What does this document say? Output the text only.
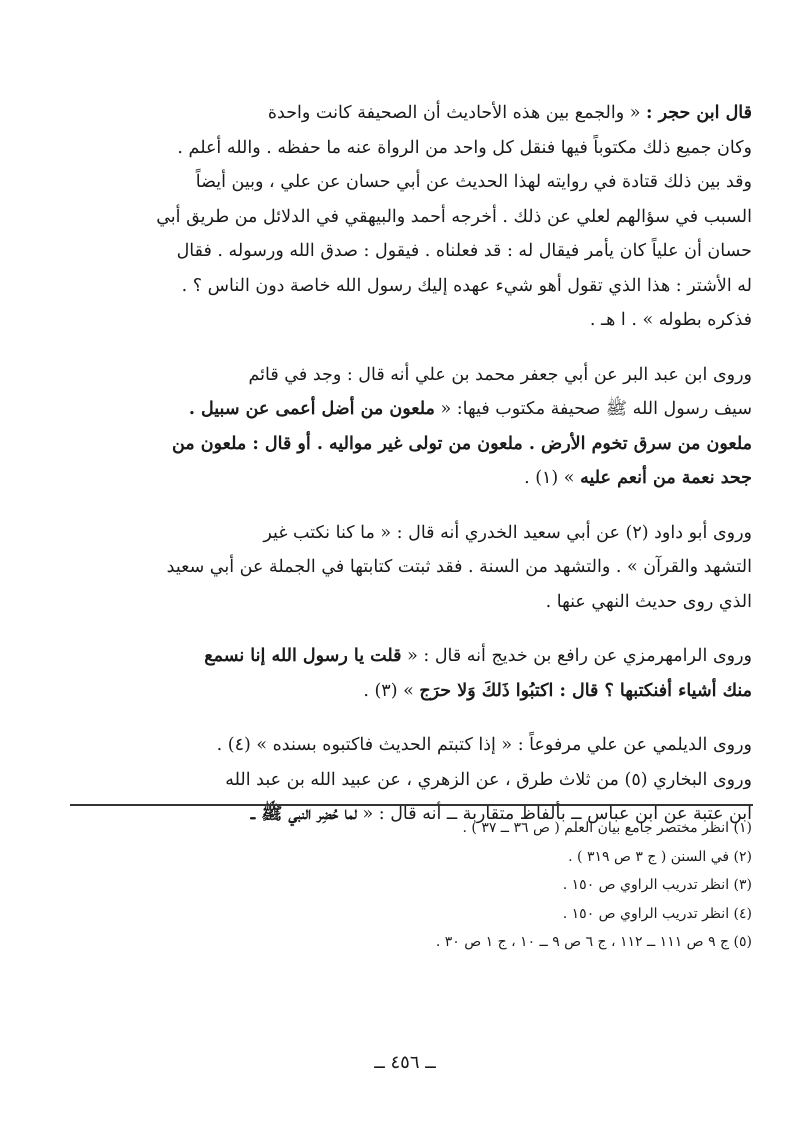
قال ابن حجر : « والجمع بين هذه الأحاديث أن الصحيفة كانت واحدة

وكان جميع ذلك مكتوباً فيها فنقل كل واحد من الرواة عنه ما حفظه . والله أعلم .

وقد بين ذلك قتادة في روايته لهذا الحديث عن أبي حسان عن علي ، وبين أيضاً

السبب في سؤالهم لعلي عن ذلك . أخرجه أحمد والبيهقي في الدلائل من طريق أبي

حسان أن علياً كان يأمر فيقال له : قد فعلناه . فيقول : صدق الله ورسوله . فقال

له الأشتر : هذا الذي تقول أهو شيء عهده إليك رسول الله خاصة دون الناس ؟ .

فذكره بطوله » . ا هـ .

وروى ابن عبد البر عن أبي جعفر محمد بن علي أنه قال : وجد في قائم

سيف رسول الله ﷺ صحيفة مكتوب فيها: « ملعون من أضل أعمى عن سبيل .

ملعون من سرق تخوم الأرض . ملعون من تولى غير مواليه . أو قال : ملعون من

جحد نعمة من أنعم عليه » (١) .

وروى أبو داود (٢) عن أبي سعيد الخدري أنه قال : « ما كنا نكتب غير

التشهد والقرآن » . والتشهد من السنة . فقد ثبتت كتابتها في الجملة عن أبي سعيد

الذي روى حديث النهي عنها .

وروى الرامهرمزي عن رافع بن خديج أنه قال : « قلت يا رسول الله إنا نسمع

منك أشياء أفنكتبها ؟ قال : اكتبُوا ذَلكَ وَلا حرَج » (٣) .

وروى الديلمي عن علي مرفوعاً : « إذا كتبتم الحديث فاكتبوه بسنده » (٤) .

وروى البخاري (٥) من ثلاث طرق ، عن الزهري ، عن عبيد الله بن عبد الله

ابن عتبة عن ابن عباس ــ بألفاظ متقاربة ــ أنه قال : « لما حُضِر النبي ﷺ ــ

(١) انظر مختصر جامع بيان العلم ( ص ٣٦ ــ ٣٧ ) .

(٢) في السنن ( ج ٣ ص ٣١٩ ) .

(٣) انظر تدريب الراوي ص ١٥٠ .

(٤) انظر تدريب الراوي ص ١٥٠ .

(٥) ج ٩ ص ١١١ ــ ١١٢ ، ج ٦ ص ٩ ــ ١٠ ، ج ١ ص ٣٠ .

ــ ٤٥٦ ــ
